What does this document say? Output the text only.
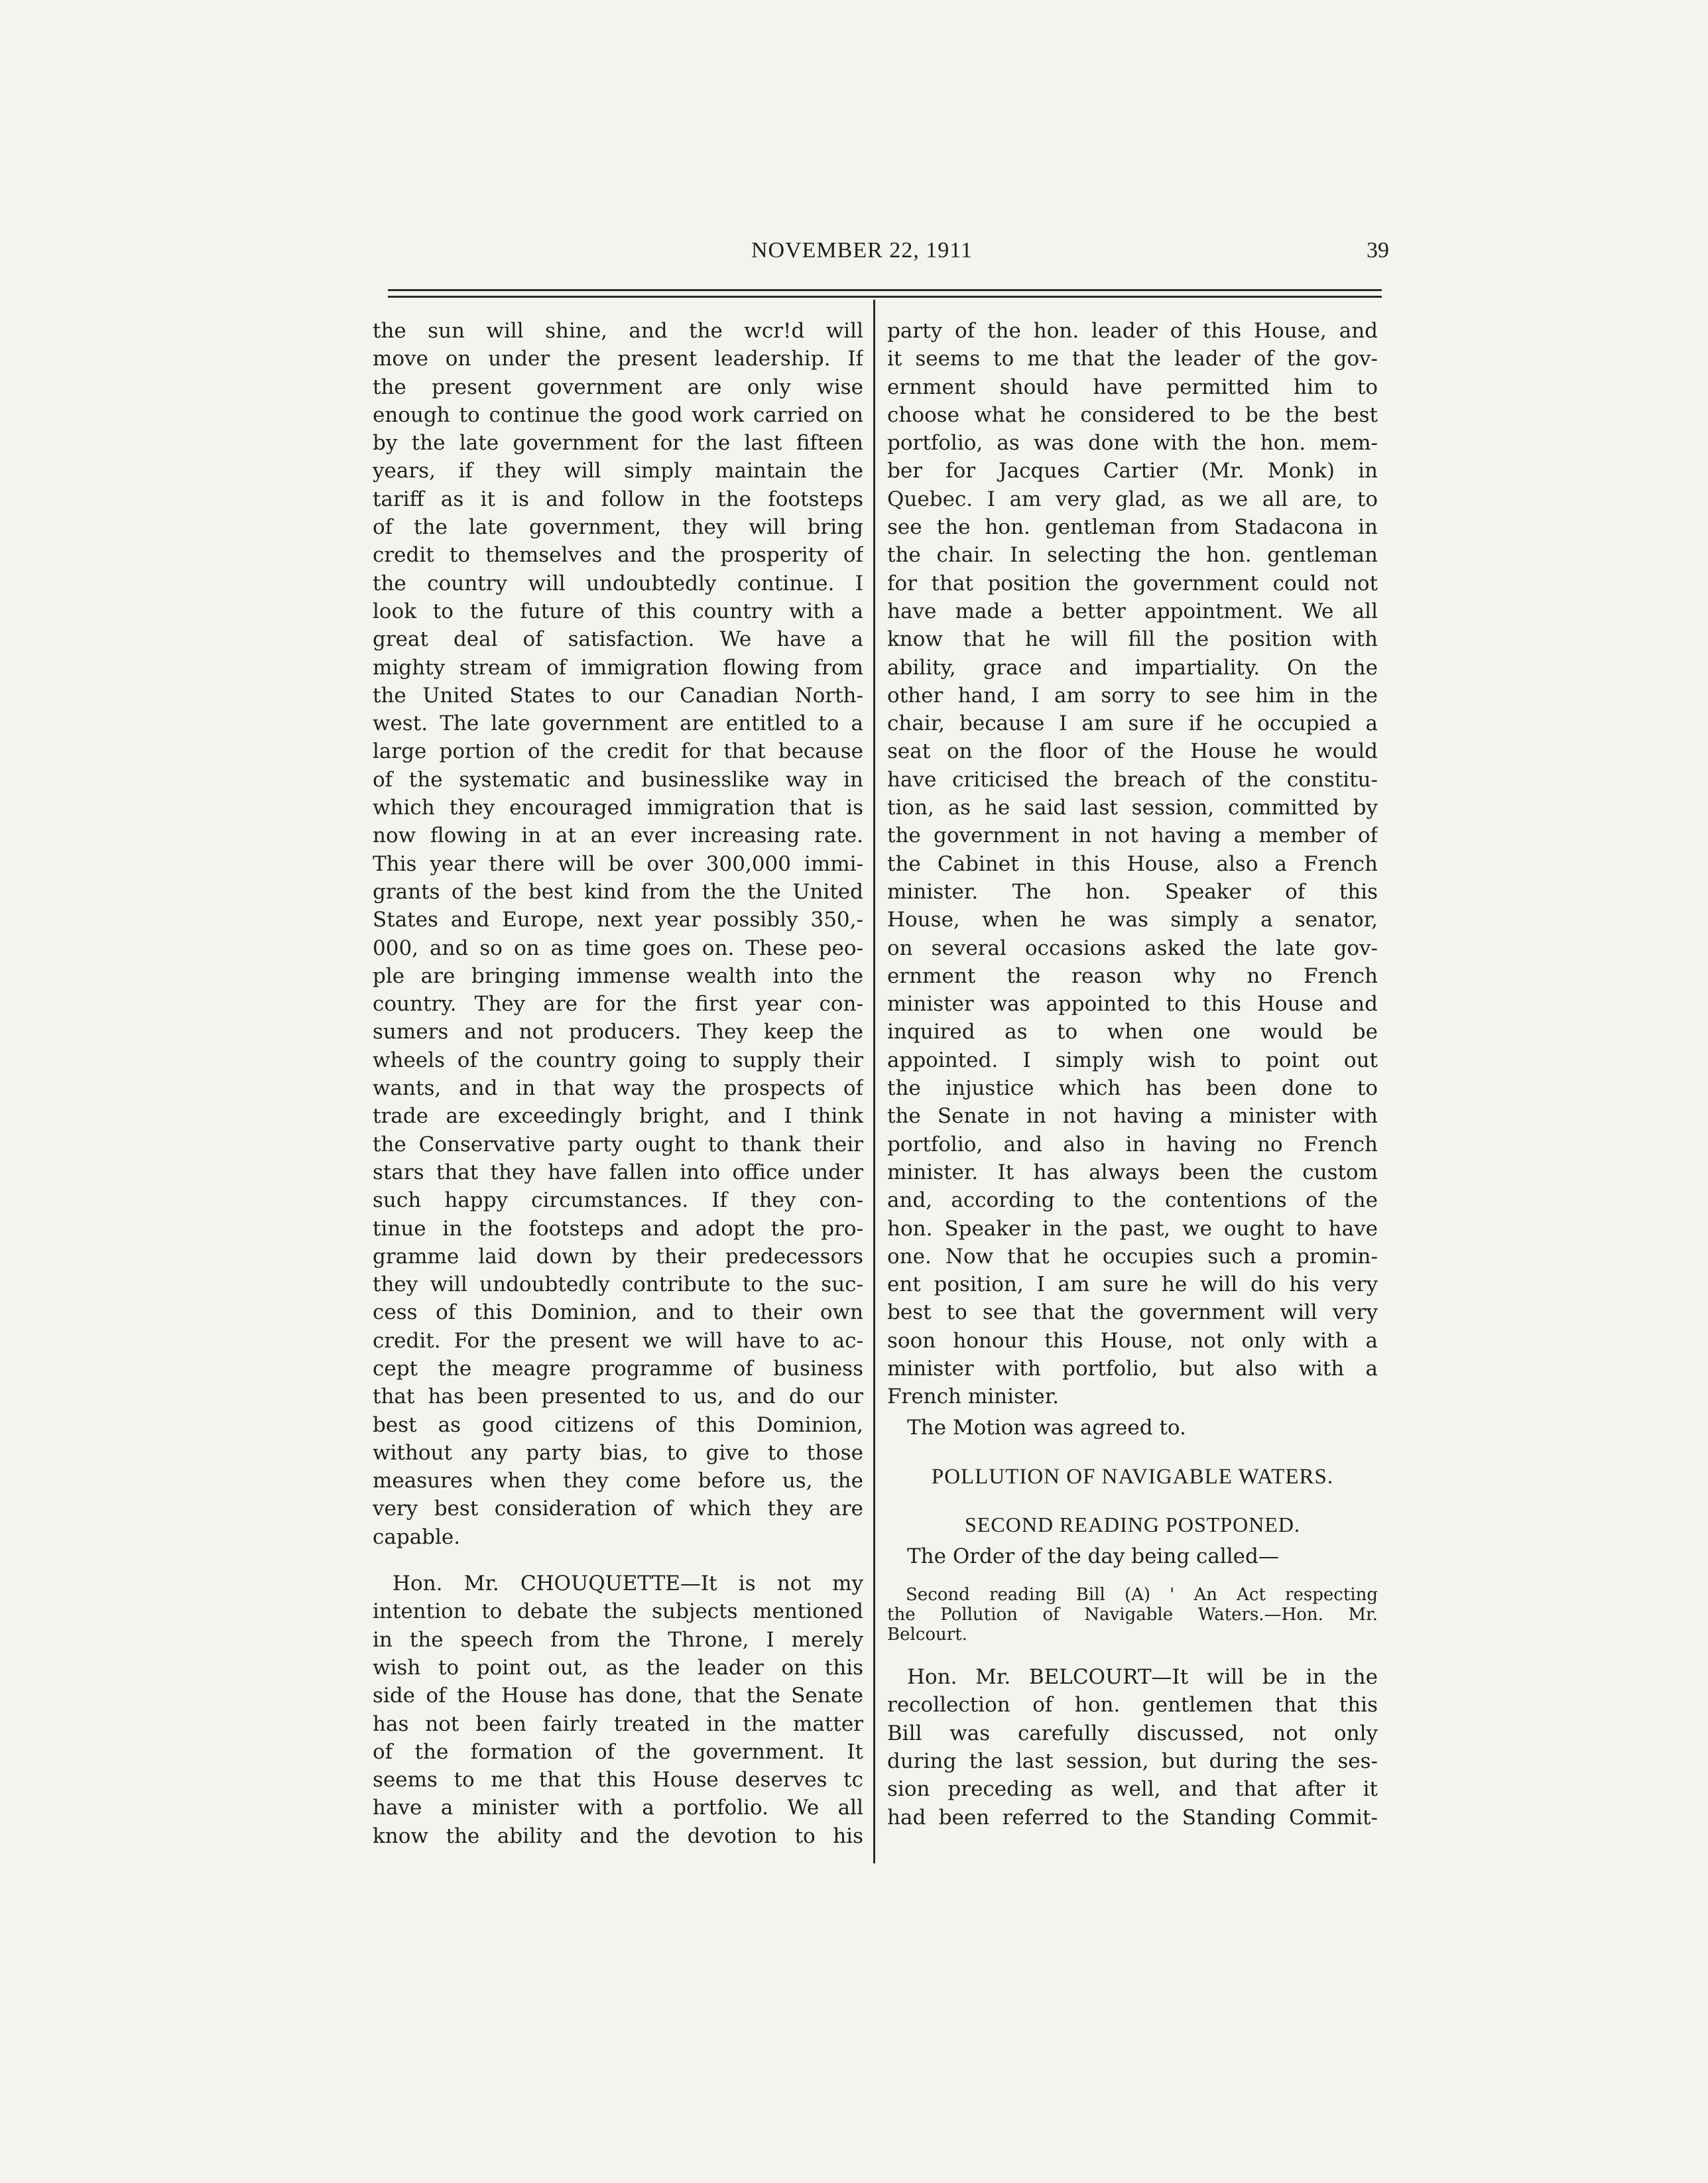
NOVEMBER 22, 1911	39
the sun will shine, and the wcr!d will
move on under the present leadership. If
the present government are only wise
enough to continue the good work carried on
by the late government for the last fifteen
years, if they will simply maintain the
tariff as it is and follow in the footsteps
of the late government, they will bring
credit to themselves and the prosperity of
the country will undoubtedly continue. I
look to the future of this country with a
great deal of satisfaction. We have a
mighty stream of immigration flowing from
the United States to our Canadian North-
west. The late government are entitled to a
large portion of the credit for that because
of the systematic and businesslike way in
which they encouraged immigration that is
now flowing in at an ever increasing rate.
This year there will be over 300,000 immi-
grants of the best kind from the the United
States and Europe, next year possibly 350,-
000, and so on as time goes on. These peo-
ple are bringing immense wealth into the
country. They are for the first year con-
sumers and not producers. They keep the
wheels of the country going to supply their
wants, and in that way the prospects of
trade are exceedingly bright, and I think
the Conservative party ought to thank their
stars that they have fallen into office under
such happy circumstances. If they con-
tinue in the footsteps and adopt the pro-
gramme laid down by their predecessors
they will undoubtedly contribute to the suc-
cess of this Dominion, and to their own
credit. For the present we will have to ac-
cept the meagre programme of business
that has been presented to us, and do our
best as good citizens of this Dominion,
without any party bias, to give to those
measures when they come before us, the
very best consideration of which they are
capable.
Hon. Mr. CHOUQUETTE—It is not my
intention to debate the subjects mentioned
in the speech from the Throne, I merely
wish to point out, as the leader on this
side of the House has done, that the Senate
has not been fairly treated in the matter
of the formation of the government. It
seems to me that this House deserves tc
have a minister with a portfolio. We all
know the ability and the devotion to his
party of the hon. leader of this House, and
it seems to me that the leader of the gov-
ernment should have permitted him to
choose what he considered to be the best
portfolio, as was done with the hon. mem-
ber for Jacques Cartier (Mr. Monk) in
Quebec. I am very glad, as we all are, to
see the hon. gentleman from Stadacona in
the chair. In selecting the hon. gentleman
for that position the government could not
have made a better appointment. We all
know that he will fill the position with
ability, grace and impartiality. On the
other hand, I am sorry to see him in the
chair, because I am sure if he occupied a
seat on the floor of the House he would
have criticised the breach of the constitu-
tion, as he said last session, committed by
the government in not having a member of
the Cabinet in this House, also a French
minister. The hon. Speaker of this
House, when he was simply a senator,
on several occasions asked the late gov-
ernment the reason why no French
minister was appointed to this House and
inquired as to when one would be
appointed. I simply wish to point out
the injustice which has been done to
the Senate in not having a minister with
portfolio, and also in having no French
minister. It has always been the custom
and, according to the contentions of the
hon. Speaker in the past, we ought to have
one. Now that he occupies such a promin-
ent position, I am sure he will do his very
best to see that the government will very
soon honour this House, not only with a
minister with portfolio, but also with a
French minister.
The Motion was agreed to.
POLLUTION OF NAVIGABLE WATERS.
SECOND READING POSTPONED.
The Order of the day being called—
Second reading Bill (A) ' An Act respecting
the Pollution of Navigable Waters.—Hon. Mr.
Belcourt.
Hon. Mr. BELCOURT—It will be in the
recollection of hon. gentlemen that this
Bill was carefully discussed, not only
during the last session, but during the ses-
sion preceding as well, and that after it
had been referred to the Standing Commit-
